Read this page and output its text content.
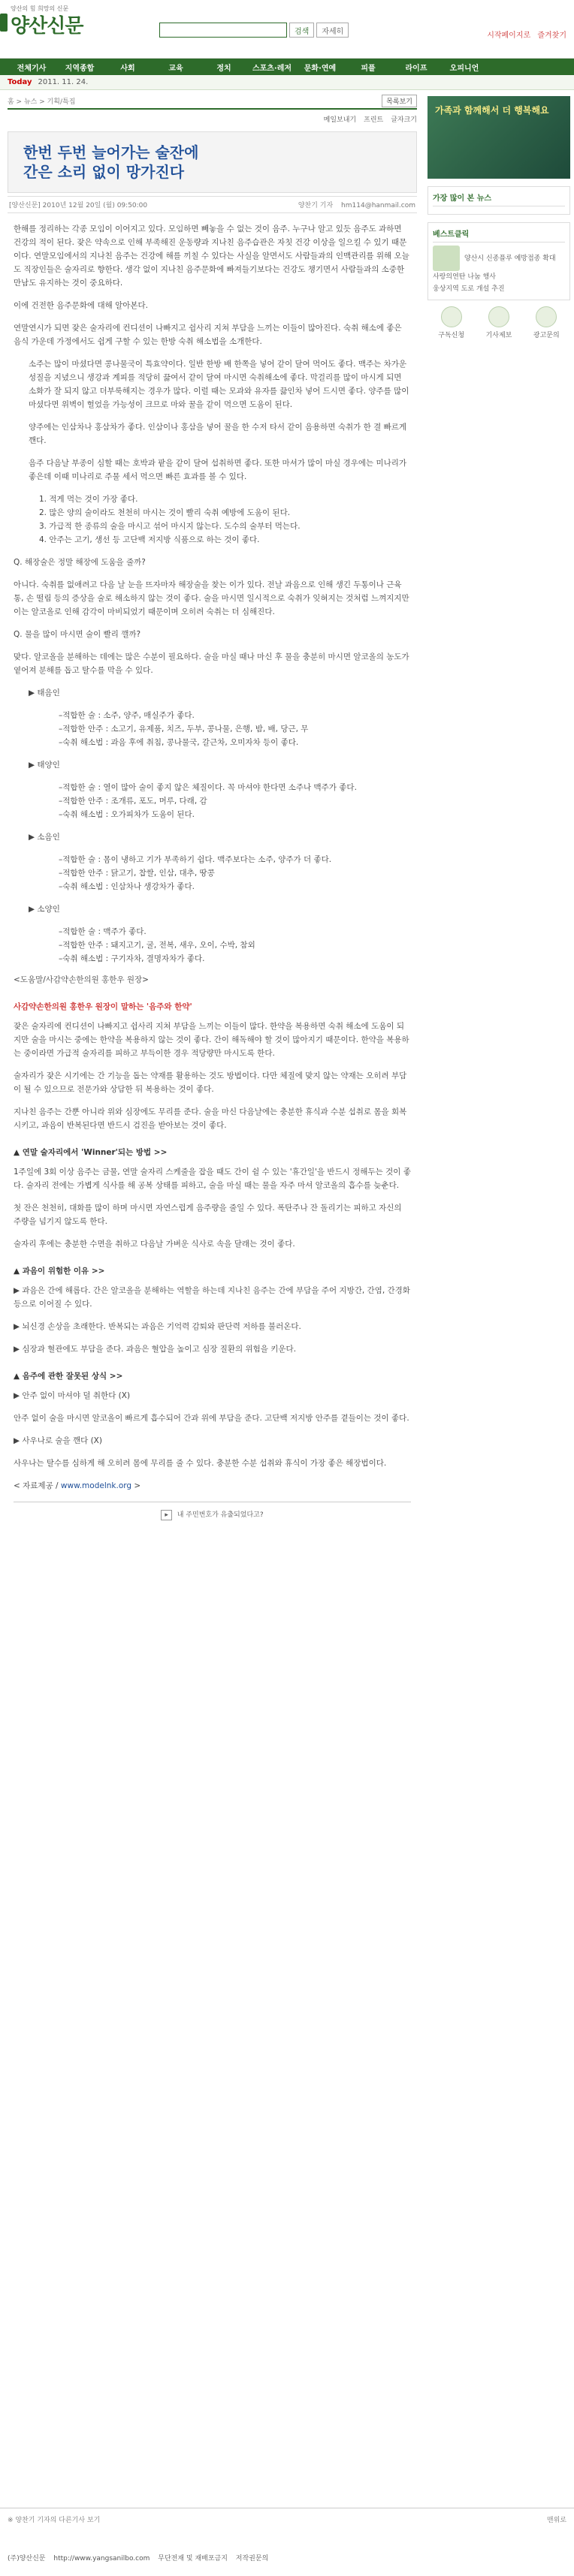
양산의 힘 희망의 신문
양산신문	검색	자세히	시작페이지로 즐겨찾기
전체기사	지역종합	사회	교육	정치	스포츠·레저	문화·연예	피플	라이프	오피니언
Today 2011. 11. 24.
홈 > 뉴스 > 기획/특집	목록보기
메일보내기 프린트 글자크기
한번 두번 늘어가는 술잔에
간은 소리 없이 망가진다
[양산신문] 2010년 12월 20일 (월) 09:50:00	양찬기 기자 hm114@hanmail.com

한해를 정리하는 각종 모임이 이어지고 있다. 모임하면 빼놓을 수 없는 것이 음주. 누구나 알고 있듯 음주도 과하면 건강의 적이 된다. 잦은 약속으로 인해 부족해진 운동량과 지나친 음주습관은 자칫 건강 이상을 일으킬 수 있기 때문이다. 연말모임에서의 지나친 음주는 건강에 해를 끼칠 수 있다는 사실을 알면서도 사람들과의 인맥관리를 위해 오늘도 직장인들은 술자리로 향한다. 생각 없이 지나친 음주문화에 빠져들기보다는 건강도 챙기면서 사람들과의 소중한 만남도 유지하는 것이 중요하다.

이에 건전한 음주문화에 대해 알아본다.

연말연시가 되면 잦은 술자리에 컨디션이 나빠지고 쉽사리 지쳐 부담을 느끼는 이들이 많아진다. 숙취 해소에 좋은 음식 가운데 가정에서도 쉽게 구할 수 있는 한방 숙취 해소법을 소개한다.

소주는 많이 마셨다면 콩나물국이 특효약이다. 일반 한방 배 한쪽을 넣어 같이 달여 먹어도 좋다. 맥주는 차가운 성질을 지녔으니 생강과 계피를 적당히 끓여서 같이 달여 마시면 숙취해소에 좋다. 막걸리를 많이 마시게 되면 소화가 잘 되지 않고 더부룩해지는 경우가 많다. 이럴 때는 모과와 유자를 끓인차 넣어 드시면 좋다. 양주를 많이 마셨다면 위벽이 헐었을 가능성이 크므로 마와 꿀을 같이 먹으면 도움이 된다.

양주에는 인삼차나 홍삼차가 좋다. 인삼이나 홍삼을 넣어 꿀을 한 수저 타서 같이 음용하면 숙취가 한 결 빠르게 깬다.

음주 다음날 부종이 심할 때는 호박과 팥을 같이 달여 섭취하면 좋다. 또한 마셔가 많이 마실 경우에는 미나리가 좋은데 이때 미나리로 주물 세서 먹으면 빠른 효과를 볼 수 있다.

1. 적게 먹는 것이 가장 좋다.
2. 많은 양의 술이라도 천천히 마시는 것이 빨리 숙취 예방에 도움이 된다.
3. 가급적 한 종류의 술을 마시고 섞어 마시지 않는다. 도수의 술부터 먹는다.
4. 안주는 고기, 생선 등 고단백 저지방 식품으로 하는 것이 좋다.

Q. 해장술은 정말 해장에 도움을 줄까?

아니다. 숙취를 없애려고 다음 날 눈을 뜨자마자 해장술을 찾는 이가 있다. 전날 과음으로 인해 생긴 두통이나 근육통, 손 떨림 등의 증상을 술로 해소하지 않는 것이 좋다. 술을 마시면 일시적으로 숙취가 잊혀지는 것처럼 느껴지지만 이는 알코올로 인해 감각이 마비되었기 때문이며 오히려 숙취는 더 심해진다.

Q. 물을 많이 마시면 술이 빨리 깰까?

맞다. 알코올을 분해하는 데에는 많은 수분이 필요하다. 술을 마실 때나 마신 후 물을 충분히 마시면 알코올의 농도가 옅어져 분해를 돕고 탈수를 막을 수 있다.

▶ 태음인

–적합한 술 : 소주, 양주, 매실주가 좋다.
–적합한 안주 : 소고기, 유제품, 치즈, 두부, 콩나물, 은행, 밤, 배, 당근, 무
–숙취 해소법 : 과음 후에 취침, 콩나물국, 갈근차, 오미자차 등이 좋다.

▶ 태양인

–적합한 술 : 열이 많아 술이 좋지 않은 체질이다. 꼭 마셔야 한다면 소주나 맥주가 좋다.
–적합한 안주 : 조개류, 포도, 머루, 다래, 감
–숙취 해소법 : 오가피차가 도움이 된다.

▶ 소음인

–적합한 술 : 몸이 냉하고 기가 부족하기 쉽다. 맥주보다는 소주, 양주가 더 좋다.
–적합한 안주 : 닭고기, 찹쌀, 인삼, 대추, 땅콩
–숙취 해소법 : 인삼차나 생강차가 좋다.

▶ 소양인

–적합한 술 : 맥주가 좋다.
–적합한 안주 : 돼지고기, 굴, 전복, 새우, 오이, 수박, 참외
–숙취 해소법 : 구기자차, 결명자차가 좋다.

<도움말/사감약손한의원 홍한우 원장>

사감약손한의원 홍한우 원장이 말하는 '음주와 한약'

잦은 술자리에 컨디션이 나빠지고 쉽사리 지쳐 부담을 느끼는 이들이 많다. 한약을 복용하면 숙취 해소에 도움이 되지만 술을 마시는 중에는 한약을 복용하지 않는 것이 좋다. 간이 해독해야 할 것이 많아지기 때문이다. 한약을 복용하는 중이라면 가급적 술자리를 피하고 부득이한 경우 적당량만 마시도록 한다.

술자리가 잦은 시기에는 간 기능을 돕는 약재를 활용하는 것도 방법이다. 다만 체질에 맞지 않는 약재는 오히려 부담이 될 수 있으므로 전문가와 상담한 뒤 복용하는 것이 좋다.

지나친 음주는 간뿐 아니라 위와 심장에도 무리를 준다. 술을 마신 다음날에는 충분한 휴식과 수분 섭취로 몸을 회복시키고, 과음이 반복된다면 반드시 검진을 받아보는 것이 좋다.

▲ 연말 술자리에서 'Winner'되는 방법 >>

1주일에 3회 이상 음주는 금물, 연말 술자리 스케줄을 잡을 때도 간이 쉴 수 있는 '휴간일'을 반드시 정해두는 것이 좋다. 술자리 전에는 가볍게 식사를 해 공복 상태를 피하고, 술을 마실 때는 물을 자주 마셔 알코올의 흡수를 늦춘다.

첫 잔은 천천히, 대화를 많이 하며 마시면 자연스럽게 음주량을 줄일 수 있다. 폭탄주나 잔 돌리기는 피하고 자신의 주량을 넘기지 않도록 한다.

술자리 후에는 충분한 수면을 취하고 다음날 가벼운 식사로 속을 달래는 것이 좋다.

▲ 과음이 위험한 이유 >>

▶ 과음은 간에 해롭다. 간은 알코올을 분해하는 역할을 하는데 지나친 음주는 간에 부담을 주어 지방간, 간염, 간경화 등으로 이어질 수 있다.

▶ 뇌신경 손상을 초래한다. 반복되는 과음은 기억력 감퇴와 판단력 저하를 불러온다.

▶ 심장과 혈관에도 부담을 준다. 과음은 혈압을 높이고 심장 질환의 위험을 키운다.

▲ 음주에 관한 잘못된 상식 >>

▶ 안주 없이 마셔야 덜 취한다 (X)

안주 없이 술을 마시면 알코올이 빠르게 흡수되어 간과 위에 부담을 준다. 고단백 저지방 안주를 곁들이는 것이 좋다.

▶ 사우나로 술을 깬다 (X)

사우나는 탈수를 심하게 해 오히려 몸에 무리를 줄 수 있다. 충분한 수분 섭취와 휴식이 가장 좋은 해장법이다.

< 자료제공 / www.modelnk.org >

▸ 내 주민번호가 유출되었다고?
가족과 함께해서 더 행복해요
가장 많이 본 뉴스
베스트클릭
양산시 신종플루 예방접종 확대
사랑의연탄 나눔 행사
웅상지역 도로 개설 추진
구독신청	기사제보	광고문의
※ 양찬기 기자의 다른기사 보기	맨위로
(주)양산신문 http://www.yangsanilbo.com 무단전재 및 재배포금지 저작권문의
